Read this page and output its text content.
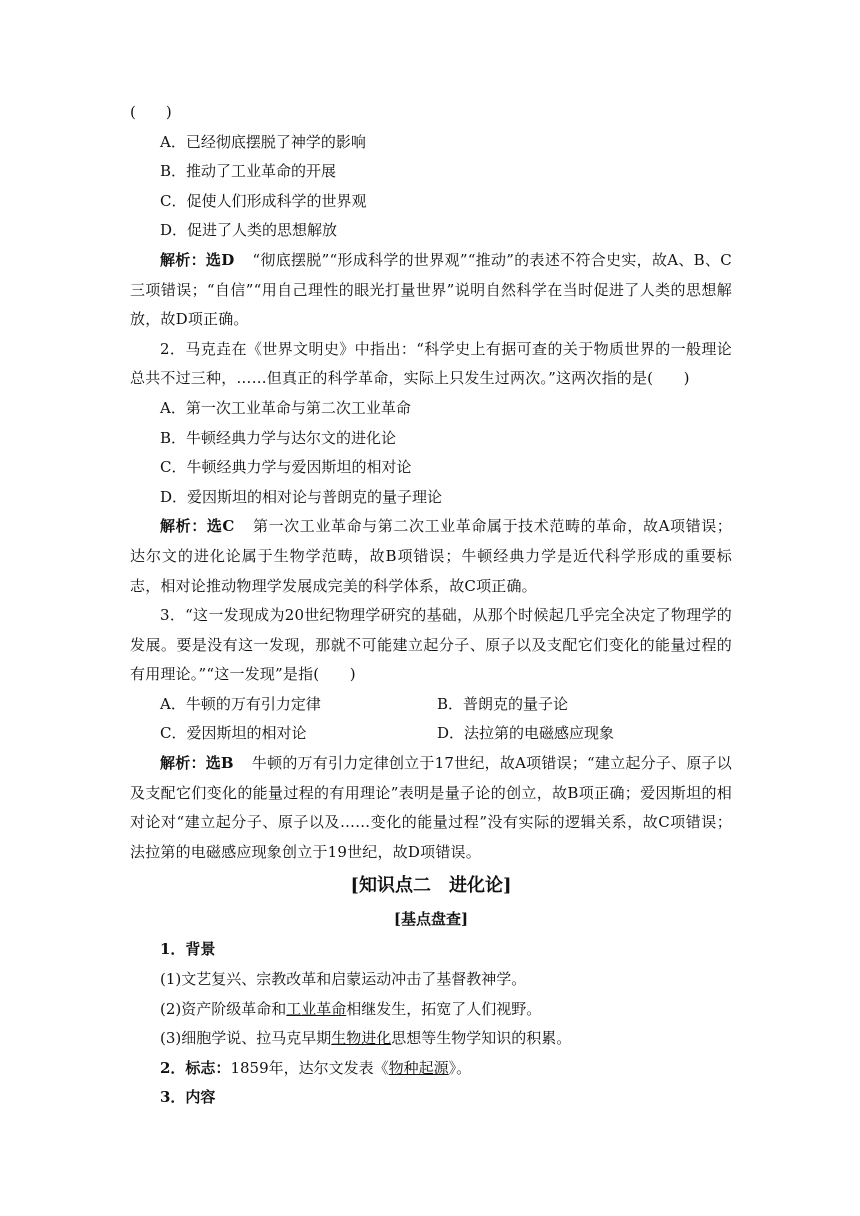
(　　)
A．已经彻底摆脱了神学的影响
B．推动了工业革命的开展
C．促使人们形成科学的世界观
D．促进了人类的思想解放
解析：选D “彻底摆脱”“形成科学的世界观”“推动”的表述不符合史实，故A、B、C三项错误；“自信”“用自己理性的眼光打量世界”说明自然科学在当时促进了人类的思想解放，故D项正确。
2．马克垚在《世界文明史》中指出：“科学史上有据可查的关于物质世界的一般理论总共不过三种，……但真正的科学革命，实际上只发生过两次。”这两次指的是(　　)
A．第一次工业革命与第二次工业革命
B．牛顿经典力学与达尔文的进化论
C．牛顿经典力学与爱因斯坦的相对论
D．爱因斯坦的相对论与普朗克的量子理论
解析：选C 第一次工业革命与第二次工业革命属于技术范畴的革命，故A项错误；达尔文的进化论属于生物学范畴，故B项错误；牛顿经典力学是近代科学形成的重要标志，相对论推动物理学发展成完美的科学体系，故C项正确。
3．“这一发现成为20世纪物理学研究的基础，从那个时候起几乎完全决定了物理学的发展。要是没有这一发现，那就不可能建立起分子、原子以及支配它们变化的能量过程的有用理论。”“这一发现”是指(　　)
A．牛顿的万有引力定律	B．普朗克的量子论
C．爱因斯坦的相对论	D．法拉第的电磁感应现象
解析：选B 牛顿的万有引力定律创立于17世纪，故A项错误；“建立起分子、原子以及支配它们变化的能量过程的有用理论”表明是量子论的创立，故B项正确；爱因斯坦的相对论对“建立起分子、原子以及……变化的能量过程”没有实际的逻辑关系，故C项错误；法拉第的电磁感应现象创立于19世纪，故D项错误。
[知识点二　进化论]
[基点盘查]
1．背景
(1)文艺复兴、宗教改革和启蒙运动冲击了基督教神学。
(2)资产阶级革命和工业革命相继发生，拓宽了人们视野。
(3)细胞学说、拉马克早期生物进化思想等生物学知识的积累。
2．标志：1859年，达尔文发表《物种起源》。
3．内容
